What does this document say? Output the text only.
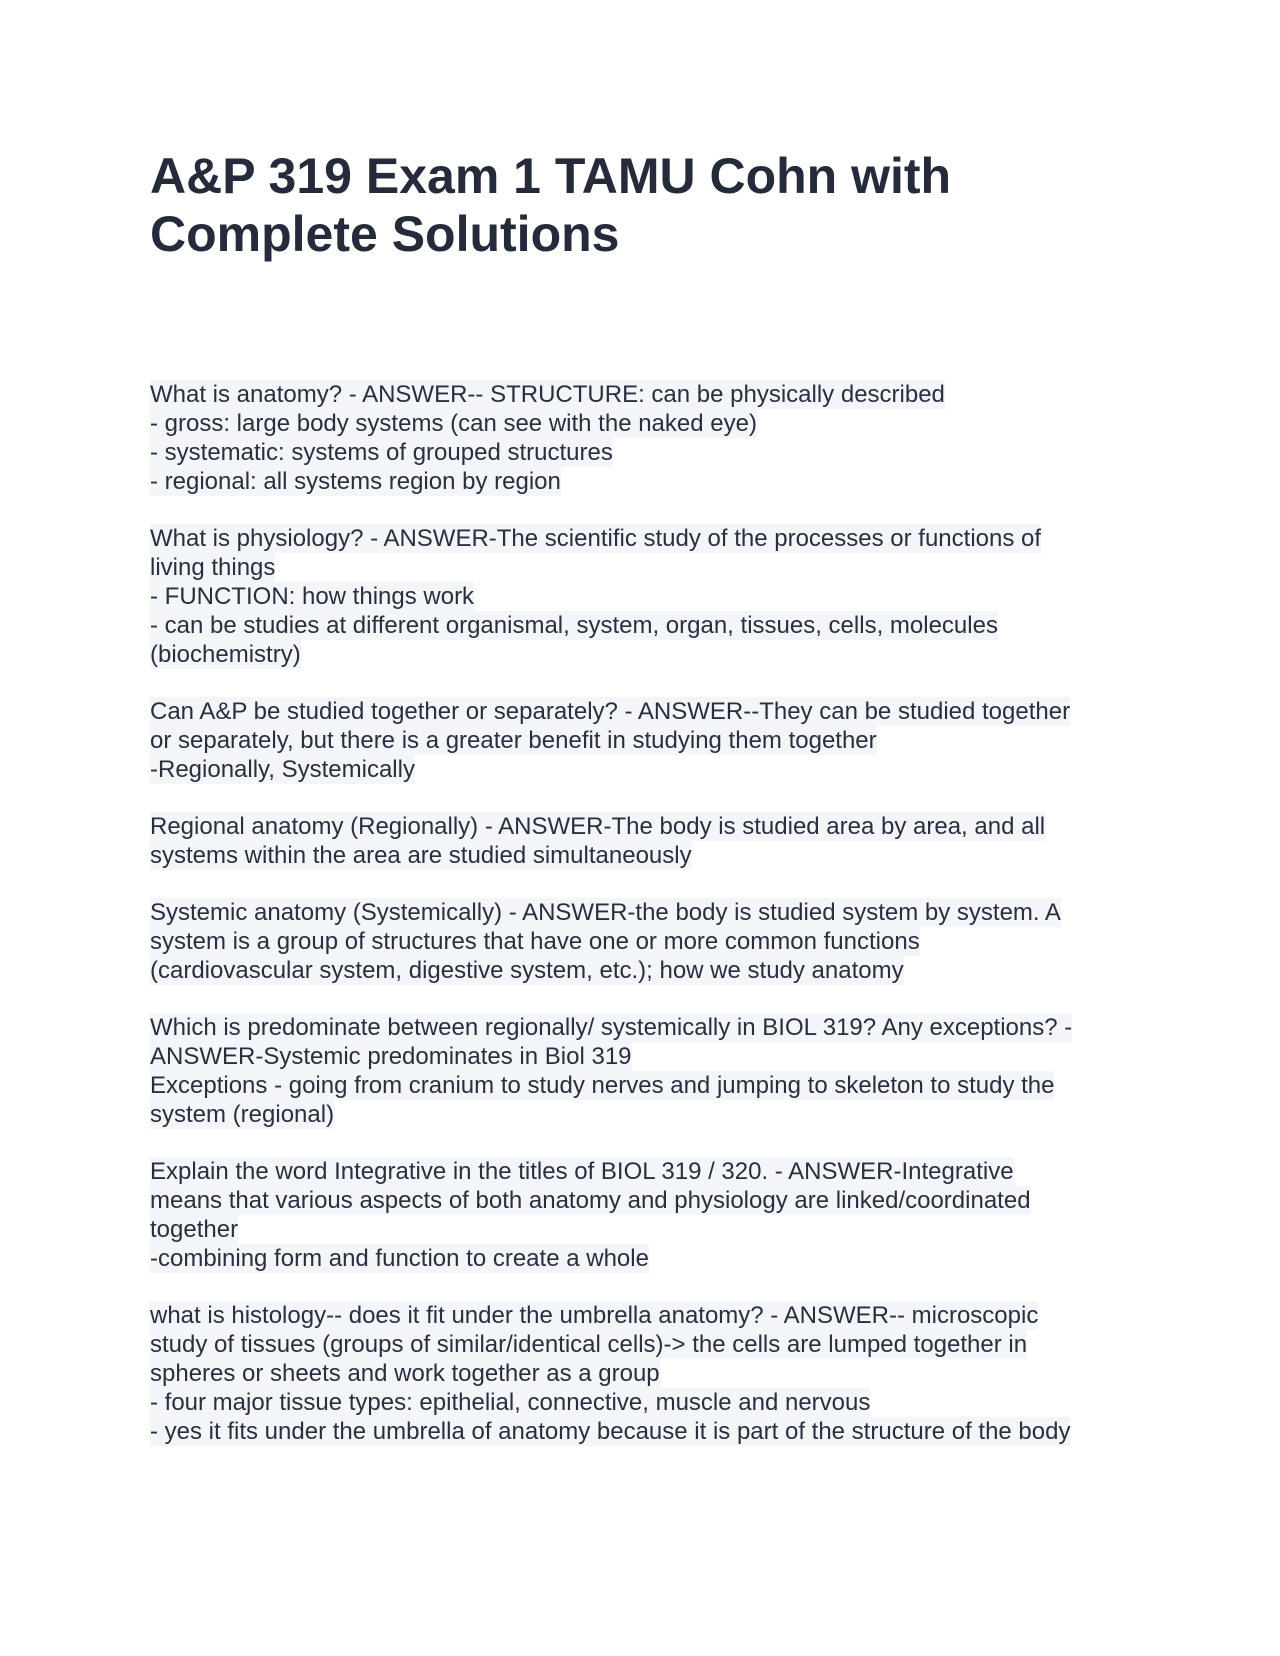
A&P 319 Exam 1 TAMU Cohn with
Complete Solutions
What is anatomy? - ANSWER-- STRUCTURE: can be physically described
- gross: large body systems (can see with the naked eye)
- systematic: systems of grouped structures
- regional: all systems region by region
What is physiology? - ANSWER-The scientific study of the processes or functions of
living things
- FUNCTION: how things work
- can be studies at different organismal, system, organ, tissues, cells, molecules
(biochemistry)
Can A&P be studied together or separately? - ANSWER--They can be studied together
or separately, but there is a greater benefit in studying them together
-Regionally, Systemically
Regional anatomy (Regionally) - ANSWER-The body is studied area by area, and all
systems within the area are studied simultaneously
Systemic anatomy (Systemically) - ANSWER-the body is studied system by system. A
system is a group of structures that have one or more common functions
(cardiovascular system, digestive system, etc.); how we study anatomy
Which is predominate between regionally/ systemically in BIOL 319? Any exceptions? -
ANSWER-Systemic predominates in Biol 319
Exceptions - going from cranium to study nerves and jumping to skeleton to study the
system (regional)
Explain the word Integrative in the titles of BIOL 319 / 320. - ANSWER-Integrative
means that various aspects of both anatomy and physiology are linked/coordinated
together
-combining form and function to create a whole
what is histology-- does it fit under the umbrella anatomy? - ANSWER-- microscopic
study of tissues (groups of similar/identical cells)-> the cells are lumped together in
spheres or sheets and work together as a group
- four major tissue types: epithelial, connective, muscle and nervous
- yes it fits under the umbrella of anatomy because it is part of the structure of the body
